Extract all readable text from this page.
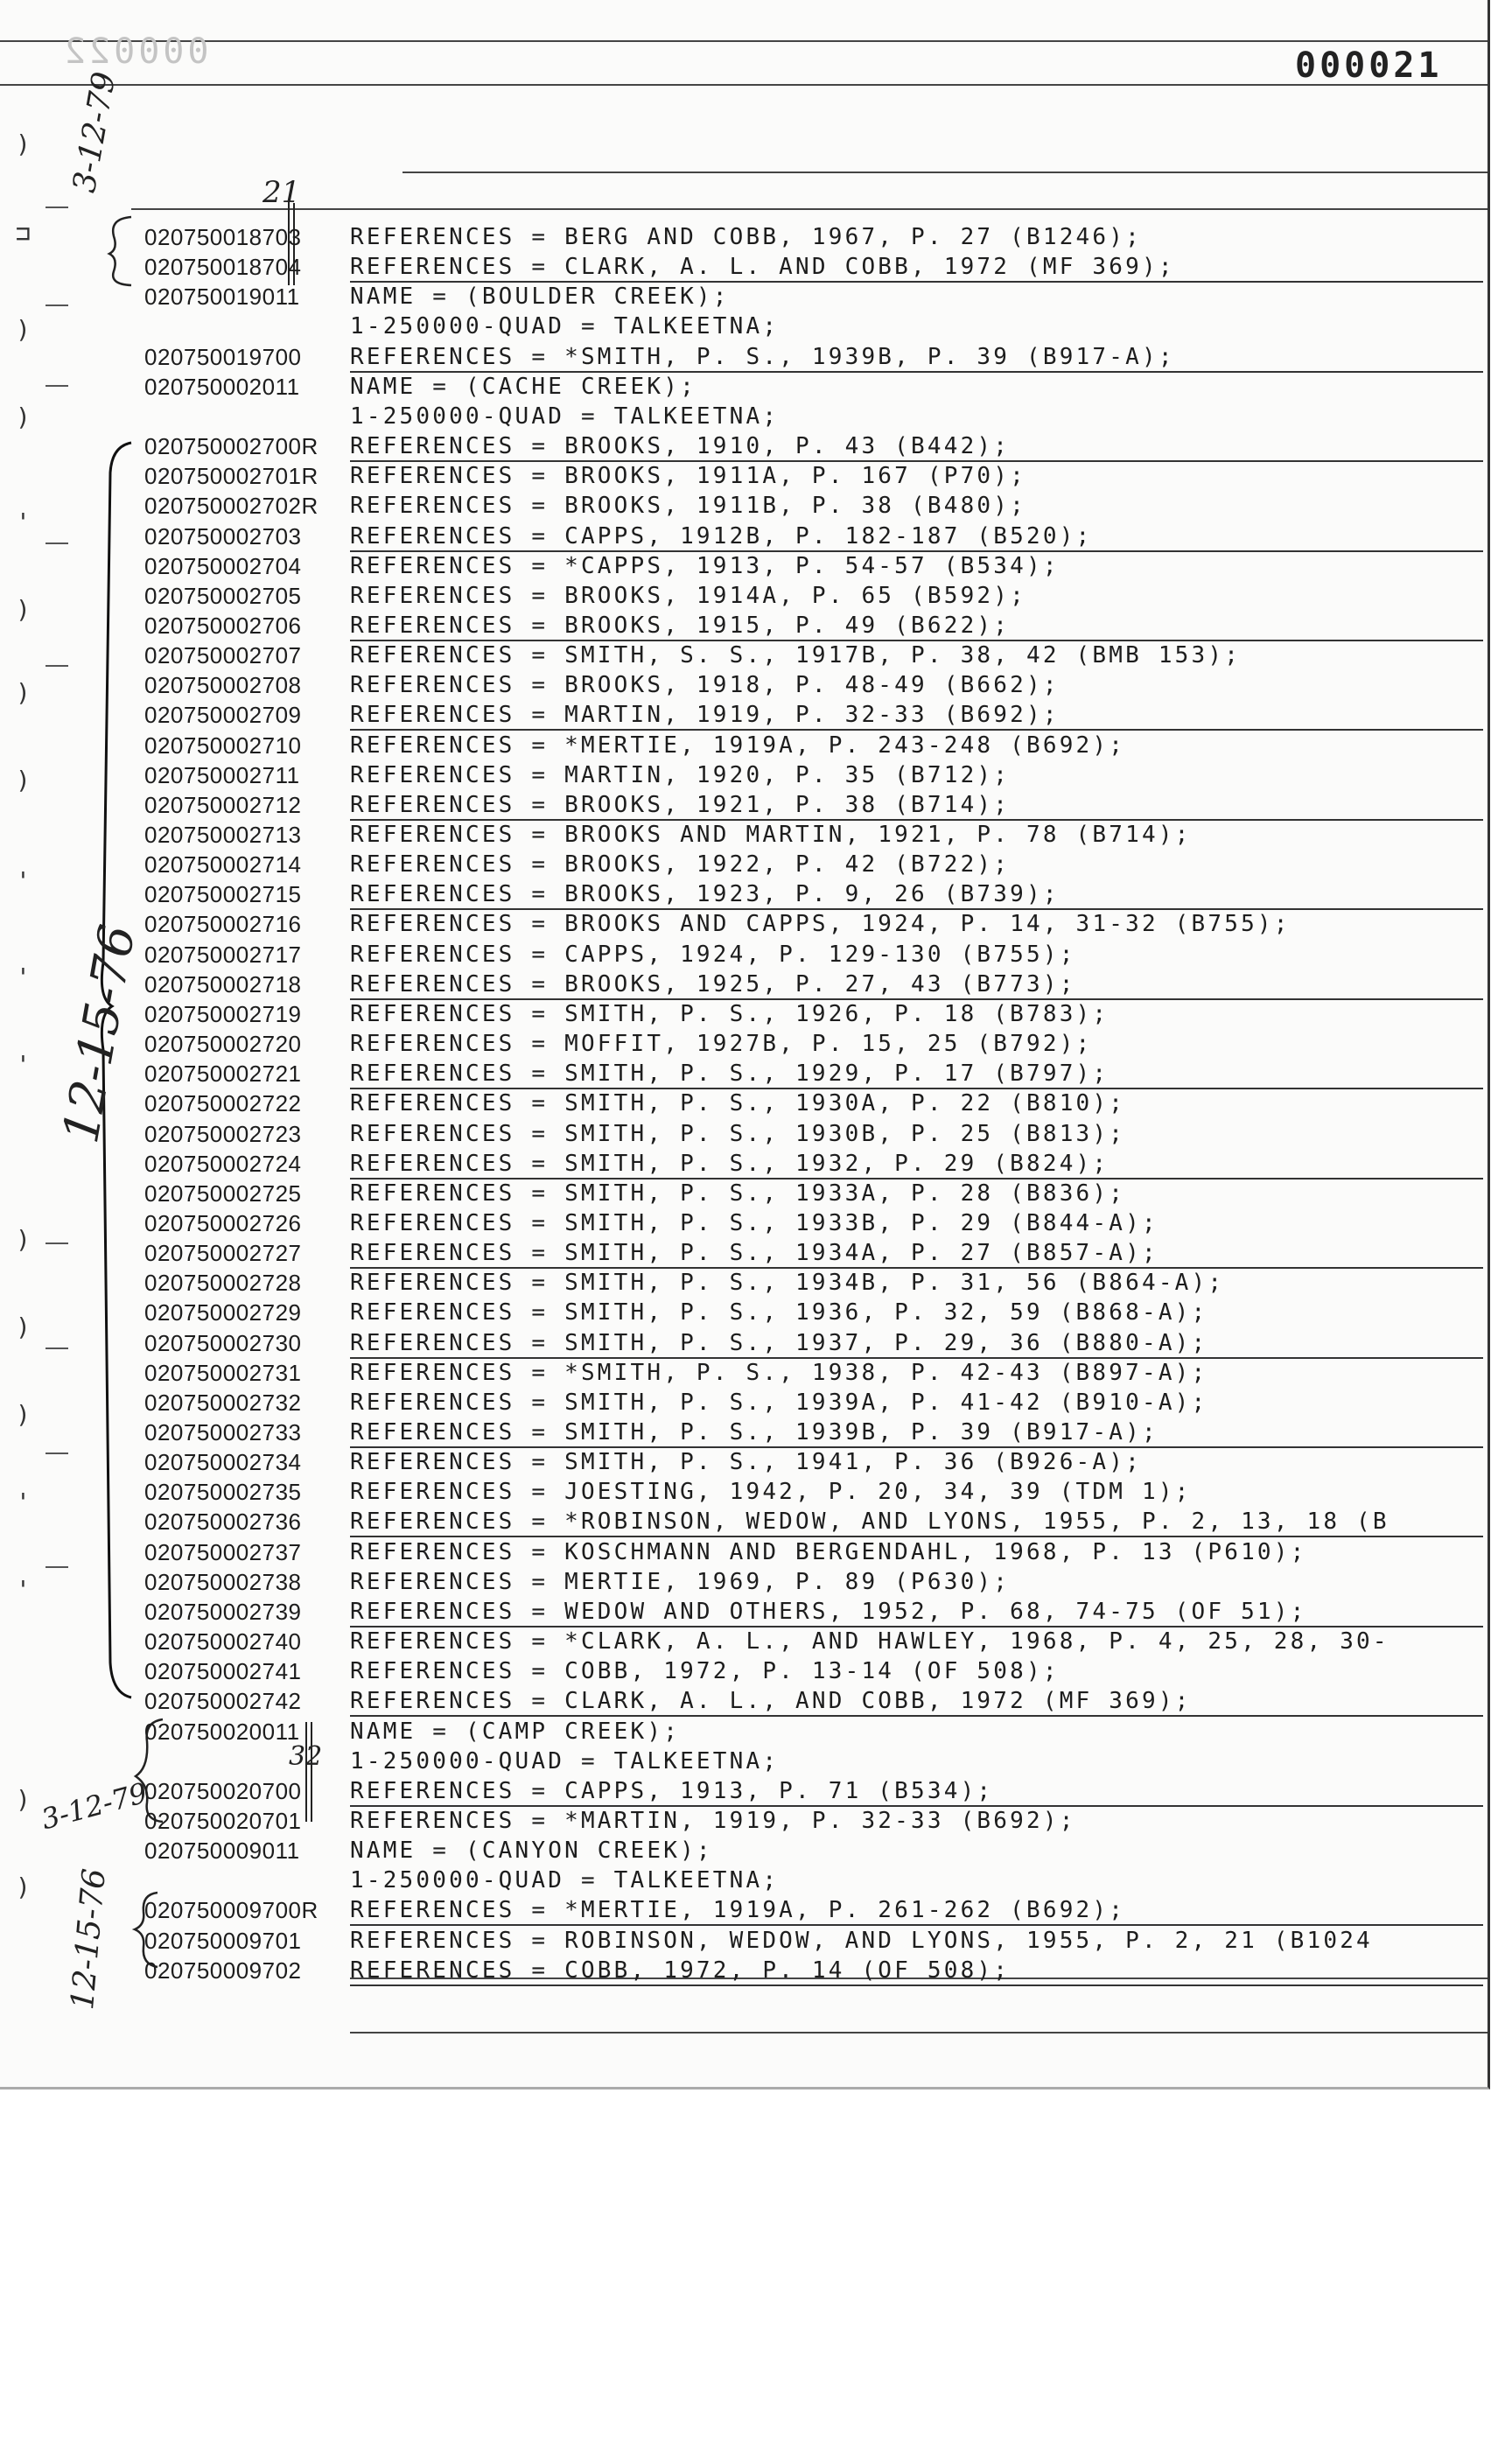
000022	000021
)
⊐
)
)
'
)
)
)
'
'
'
)
)
)
'
'
)
)
3-12-79	21
12-15-76
32
3-12-79
12-15-76
020750018703 REFERENCES = BERG AND COBB, 1967, P. 27 (B1246);
020750018704 REFERENCES = CLARK, A. L. AND COBB, 1972 (MF 369);
020750019011 NAME = (BOULDER CREEK);
1-250000-QUAD = TALKEETNA;
020750019700 REFERENCES = *SMITH, P. S., 1939B, P. 39 (B917-A);
020750002011 NAME = (CACHE CREEK);
1-250000-QUAD = TALKEETNA;
020750002700R REFERENCES = BROOKS, 1910, P. 43 (B442);
020750002701R REFERENCES = BROOKS, 1911A, P. 167 (P70);
020750002702R REFERENCES = BROOKS, 1911B, P. 38 (B480);
020750002703 REFERENCES = CAPPS, 1912B, P. 182-187 (B520);
020750002704 REFERENCES = *CAPPS, 1913, P. 54-57 (B534);
020750002705 REFERENCES = BROOKS, 1914A, P. 65 (B592);
020750002706 REFERENCES = BROOKS, 1915, P. 49 (B622);
020750002707 REFERENCES = SMITH, S. S., 1917B, P. 38, 42 (BMB 153);
020750002708 REFERENCES = BROOKS, 1918, P. 48-49 (B662);
020750002709 REFERENCES = MARTIN, 1919, P. 32-33 (B692);
020750002710 REFERENCES = *MERTIE, 1919A, P. 243-248 (B692);
020750002711 REFERENCES = MARTIN, 1920, P. 35 (B712);
020750002712 REFERENCES = BROOKS, 1921, P. 38 (B714);
020750002713 REFERENCES = BROOKS AND MARTIN, 1921, P. 78 (B714);
020750002714 REFERENCES = BROOKS, 1922, P. 42 (B722);
020750002715 REFERENCES = BROOKS, 1923, P. 9, 26 (B739);
020750002716 REFERENCES = BROOKS AND CAPPS, 1924, P. 14, 31-32 (B755);
020750002717 REFERENCES = CAPPS, 1924, P. 129-130 (B755);
020750002718 REFERENCES = BROOKS, 1925, P. 27, 43 (B773);
020750002719 REFERENCES = SMITH, P. S., 1926, P. 18 (B783);
020750002720 REFERENCES = MOFFIT, 1927B, P. 15, 25 (B792);
020750002721 REFERENCES = SMITH, P. S., 1929, P. 17 (B797);
020750002722 REFERENCES = SMITH, P. S., 1930A, P. 22 (B810);
020750002723 REFERENCES = SMITH, P. S., 1930B, P. 25 (B813);
020750002724 REFERENCES = SMITH, P. S., 1932, P. 29 (B824);
020750002725 REFERENCES = SMITH, P. S., 1933A, P. 28 (B836);
020750002726 REFERENCES = SMITH, P. S., 1933B, P. 29 (B844-A);
020750002727 REFERENCES = SMITH, P. S., 1934A, P. 27 (B857-A);
020750002728 REFERENCES = SMITH, P. S., 1934B, P. 31, 56 (B864-A);
020750002729 REFERENCES = SMITH, P. S., 1936, P. 32, 59 (B868-A);
020750002730 REFERENCES = SMITH, P. S., 1937, P. 29, 36 (B880-A);
020750002731 REFERENCES = *SMITH, P. S., 1938, P. 42-43 (B897-A);
020750002732 REFERENCES = SMITH, P. S., 1939A, P. 41-42 (B910-A);
020750002733 REFERENCES = SMITH, P. S., 1939B, P. 39 (B917-A);
020750002734 REFERENCES = SMITH, P. S., 1941, P. 36 (B926-A);
020750002735 REFERENCES = JOESTING, 1942, P. 20, 34, 39 (TDM 1);
020750002736 REFERENCES = *ROBINSON, WEDOW, AND LYONS, 1955, P. 2, 13, 18 (B
020750002737 REFERENCES = KOSCHMANN AND BERGENDAHL, 1968, P. 13 (P610);
020750002738 REFERENCES = MERTIE, 1969, P. 89 (P630);
020750002739 REFERENCES = WEDOW AND OTHERS, 1952, P. 68, 74-75 (OF 51);
020750002740 REFERENCES = *CLARK, A. L., AND HAWLEY, 1968, P. 4, 25, 28, 30-
020750002741 REFERENCES = COBB, 1972, P. 13-14 (OF 508);
020750002742 REFERENCES = CLARK, A. L., AND COBB, 1972 (MF 369);
020750020011 NAME = (CAMP CREEK);
1-250000-QUAD = TALKEETNA;
020750020700 REFERENCES = CAPPS, 1913, P. 71 (B534);
020750020701 REFERENCES = *MARTIN, 1919, P. 32-33 (B692);
020750009011 NAME = (CANYON CREEK);
1-250000-QUAD = TALKEETNA;
020750009700R REFERENCES = *MERTIE, 1919A, P. 261-262 (B692);
020750009701 REFERENCES = ROBINSON, WEDOW, AND LYONS, 1955, P. 2, 21 (B1024
020750009702 REFERENCES = COBB, 1972, P. 14 (OF 508);
